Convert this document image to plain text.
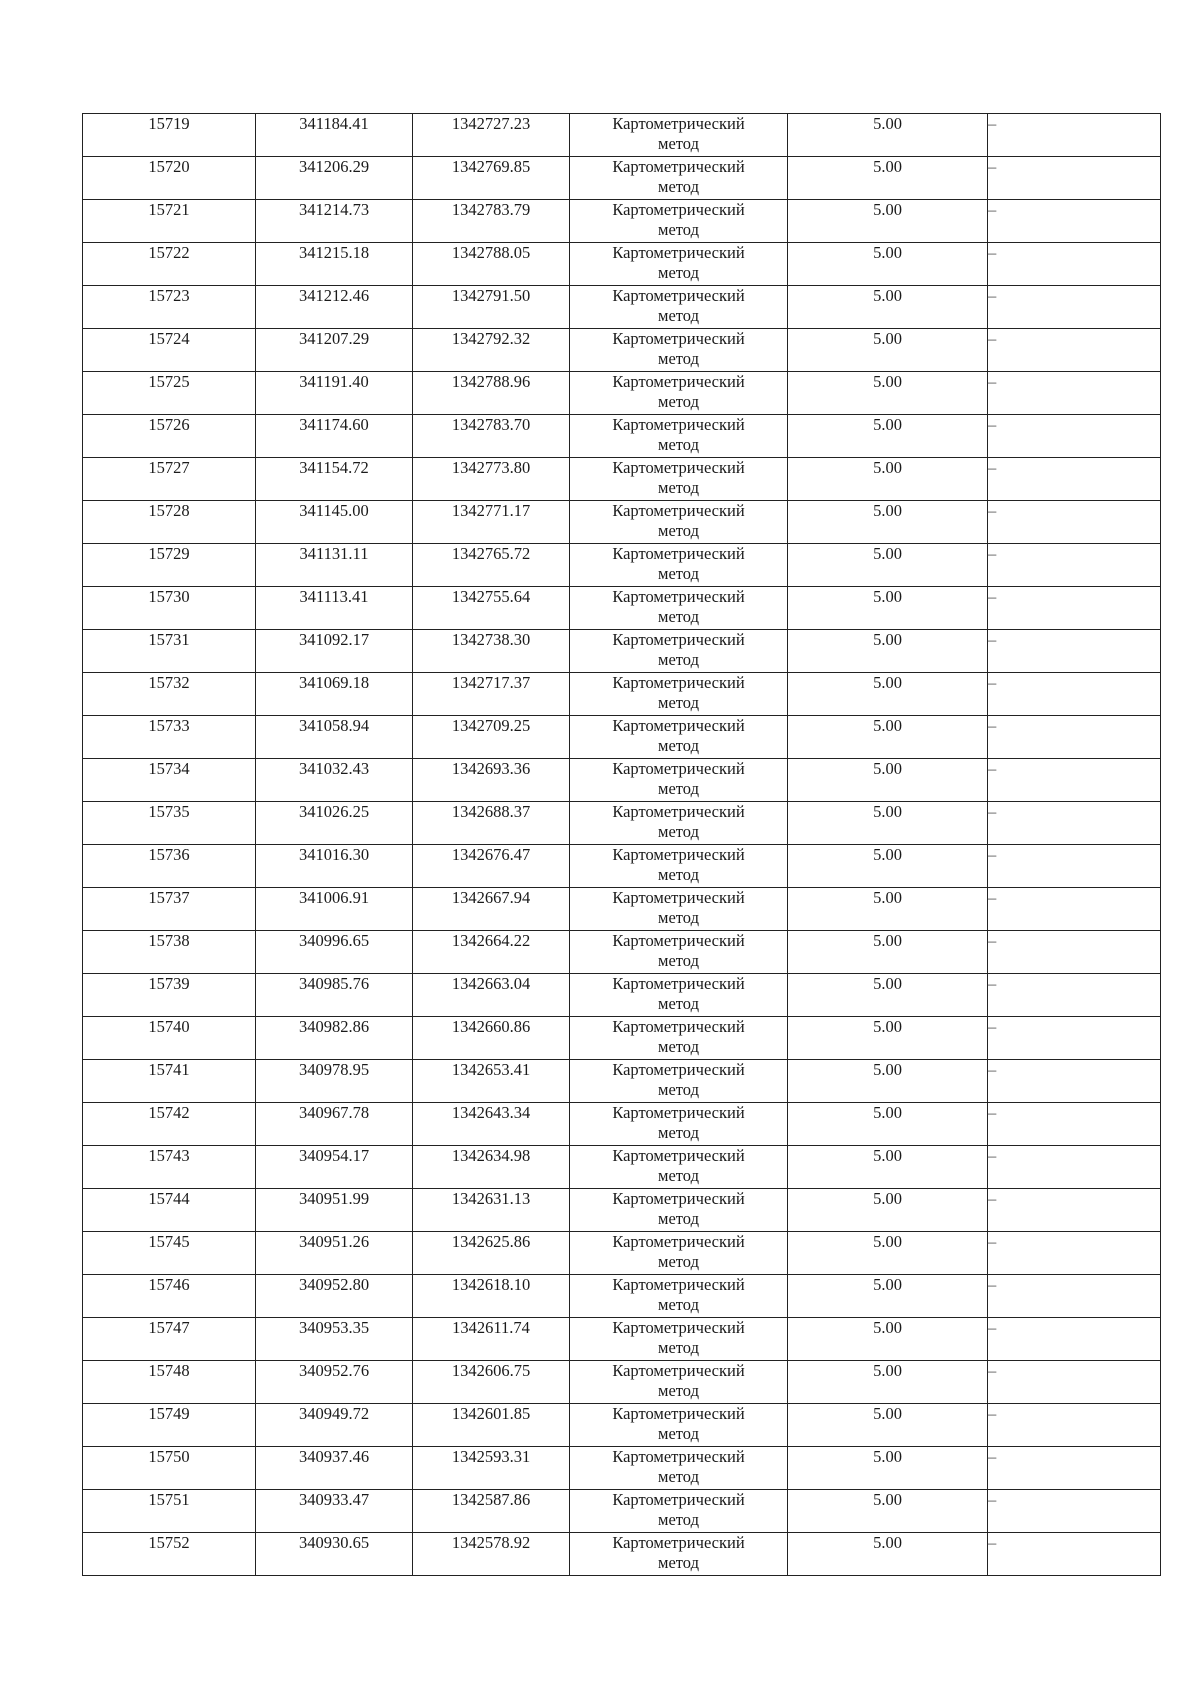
15719	341184.41	1342727.23	Картометрический
метод	5.00	–
15720	341206.29	1342769.85	Картометрический
метод	5.00	–
15721	341214.73	1342783.79	Картометрический
метод	5.00	–
15722	341215.18	1342788.05	Картометрический
метод	5.00	–
15723	341212.46	1342791.50	Картометрический
метод	5.00	–
15724	341207.29	1342792.32	Картометрический
метод	5.00	–
15725	341191.40	1342788.96	Картометрический
метод	5.00	–
15726	341174.60	1342783.70	Картометрический
метод	5.00	–
15727	341154.72	1342773.80	Картометрический
метод	5.00	–
15728	341145.00	1342771.17	Картометрический
метод	5.00	–
15729	341131.11	1342765.72	Картометрический
метод	5.00	–
15730	341113.41	1342755.64	Картометрический
метод	5.00	–
15731	341092.17	1342738.30	Картометрический
метод	5.00	–
15732	341069.18	1342717.37	Картометрический
метод	5.00	–
15733	341058.94	1342709.25	Картометрический
метод	5.00	–
15734	341032.43	1342693.36	Картометрический
метод	5.00	–
15735	341026.25	1342688.37	Картометрический
метод	5.00	–
15736	341016.30	1342676.47	Картометрический
метод	5.00	–
15737	341006.91	1342667.94	Картометрический
метод	5.00	–
15738	340996.65	1342664.22	Картометрический
метод	5.00	–
15739	340985.76	1342663.04	Картометрический
метод	5.00	–
15740	340982.86	1342660.86	Картометрический
метод	5.00	–
15741	340978.95	1342653.41	Картометрический
метод	5.00	–
15742	340967.78	1342643.34	Картометрический
метод	5.00	–
15743	340954.17	1342634.98	Картометрический
метод	5.00	–
15744	340951.99	1342631.13	Картометрический
метод	5.00	–
15745	340951.26	1342625.86	Картометрический
метод	5.00	–
15746	340952.80	1342618.10	Картометрический
метод	5.00	–
15747	340953.35	1342611.74	Картометрический
метод	5.00	–
15748	340952.76	1342606.75	Картометрический
метод	5.00	–
15749	340949.72	1342601.85	Картометрический
метод	5.00	–
15750	340937.46	1342593.31	Картометрический
метод	5.00	–
15751	340933.47	1342587.86	Картометрический
метод	5.00	–
15752	340930.65	1342578.92	Картометрический
метод	5.00	–
